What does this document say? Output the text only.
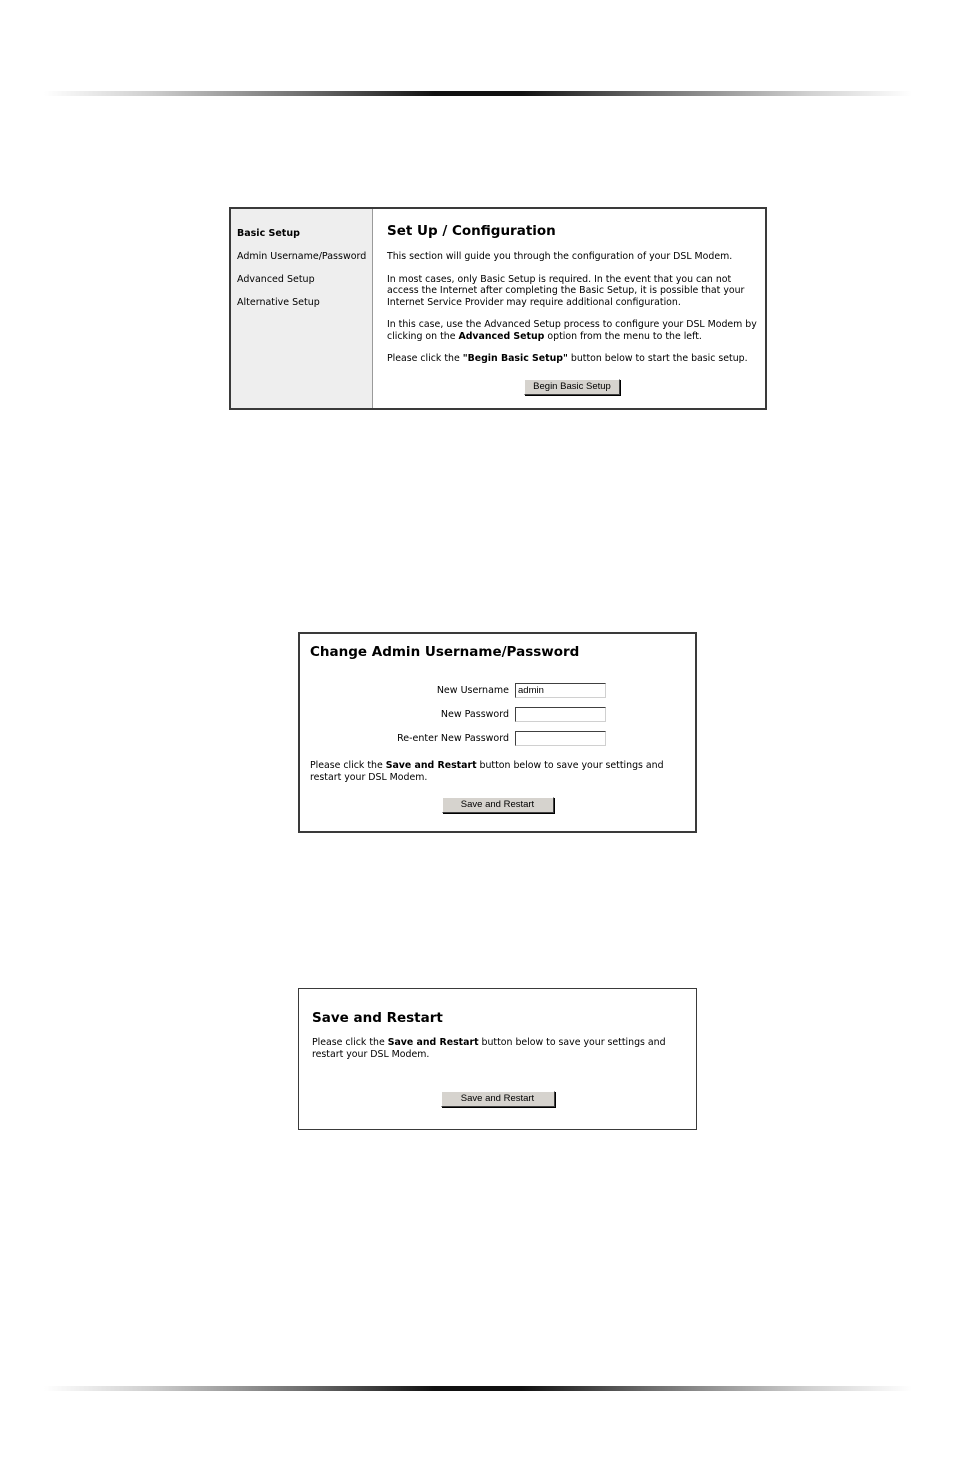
Basic Setup
Admin Username/Password
Advanced Setup
Alternative Setup
Set Up / Configuration

This section will guide you through the configuration of your DSL Modem.

In most cases, only Basic Setup is required. In the event that you can not access the Internet after completing the Basic Setup, it is possible that your Internet Service Provider may require additional configuration.

In this case, use the Advanced Setup process to configure your DSL Modem by clicking on the Advanced Setup option from the menu to the left.

Please click the "Begin Basic Setup" button below to start the basic setup.

Begin Basic Setup
Change Admin Username/Password
New Username admin
New Password
Re-enter New Password

Please click the Save and Restart button below to save your settings and restart your DSL Modem.

Save and Restart
Save and Restart

Please click the Save and Restart button below to save your settings and restart your DSL Modem.

Save and Restart
